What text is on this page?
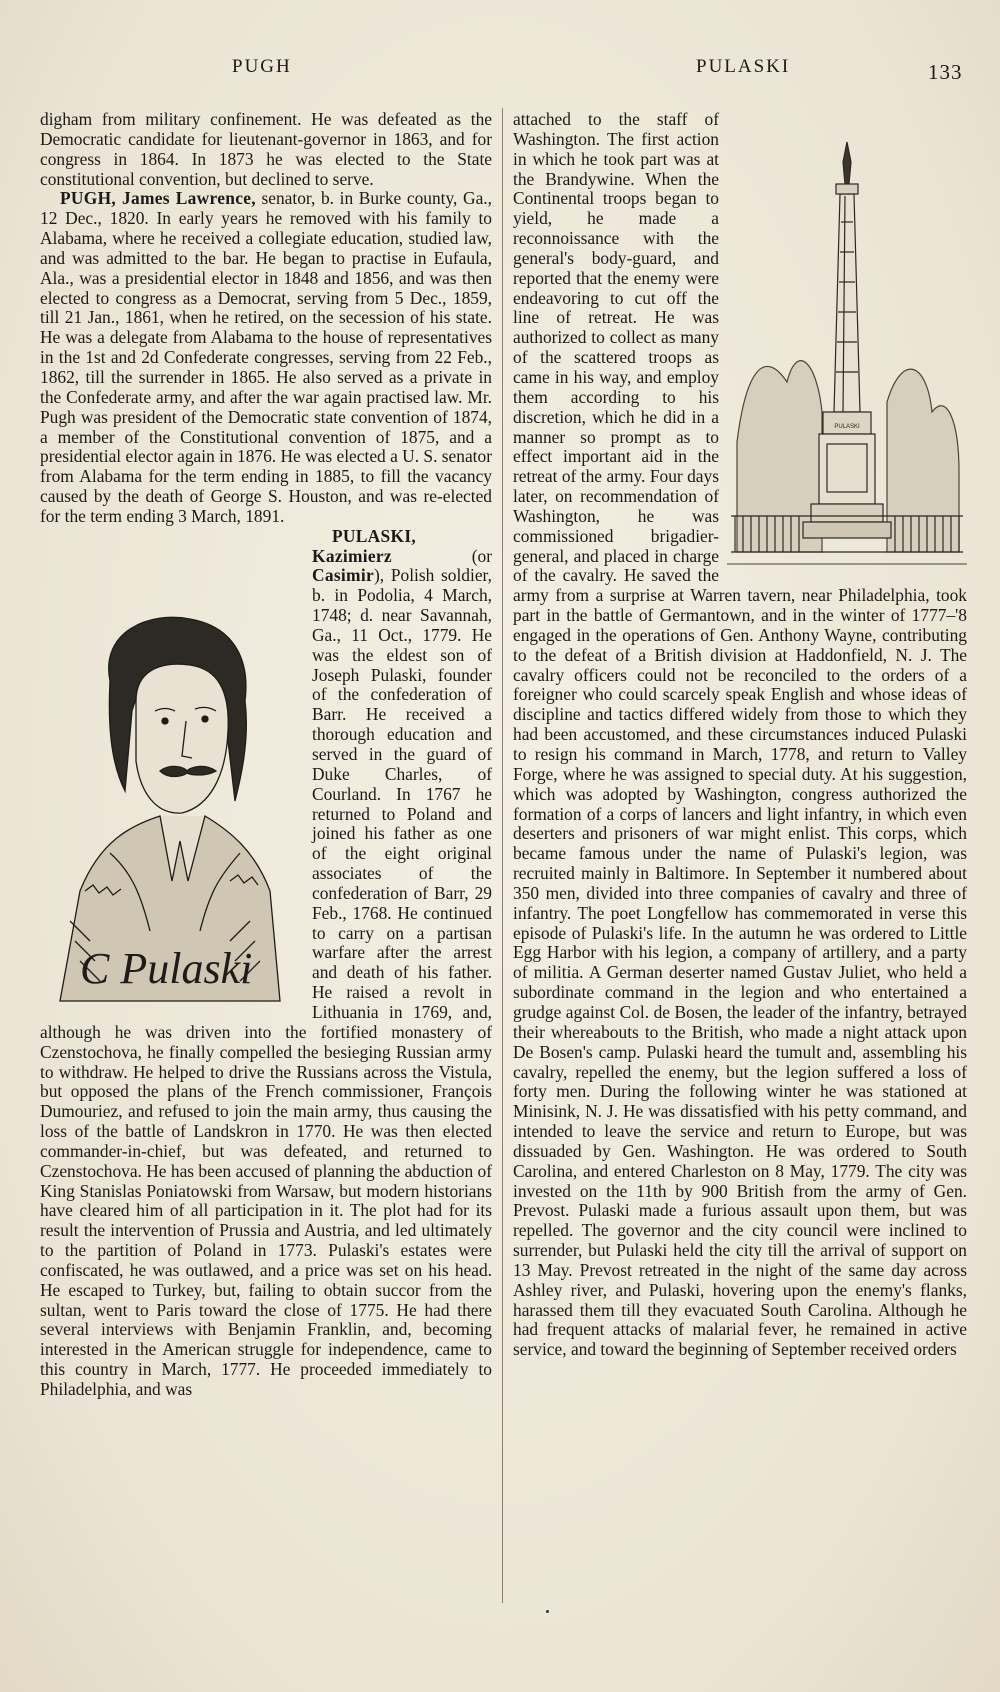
PUGH	PULASKI	133

digham from military confinement. He was defeated as the Democratic candidate for lieutenant-governor in 1863, and for congress in 1864. In 1873 he was elected to the State constitutional convention, but declined to serve.

PUGH, James Lawrence, senator, b. in Burke county, Ga., 12 Dec., 1820. In early years he removed with his family to Alabama, where he received a collegiate education, studied law, and was admitted to the bar. He began to practise in Eufaula, Ala., was a presidential elector in 1848 and 1856, and was then elected to congress as a Democrat, serving from 5 Dec., 1859, till 21 Jan., 1861, when he retired, on the secession of his state. He was a delegate from Alabama to the house of representatives in the 1st and 2d Confederate congresses, serving from 22 Feb., 1862, till the surrender in 1865. He also served as a private in the Confederate army, and after the war again practised law. Mr. Pugh was president of the Democratic state convention of 1874, a member of the Constitutional convention of 1875, and a presidential elector again in 1876. He was elected a U. S. senator from Alabama for the term ending in 1885, to fill the vacancy caused by the death of George S. Houston, and was re-elected for the term ending 3 March, 1891.

PULASKI, Kazimierz (or Casimir), Polish soldier, b. in Podolia, 4 March, 1748; d. near Savannah, Ga., 11 Oct., 1779. He was the eldest son of Joseph Pulaski, founder of the confederation of Barr. He received a thorough education and served in the guard of Duke Charles, of Courland. In 1767 he returned to Poland and joined his father as one of the eight original associates of the confederation of Barr, 29 Feb., 1768. He continued to carry on a partisan warfare after the arrest and death of his father. He raised a revolt in Lithuania in 1769, and, although he was driven into the fortified monastery of Czenstochova, he finally compelled the besieging Russian army to withdraw. He helped to drive the Russians across the Vistula, but opposed the plans of the French commissioner, François Dumouriez, and refused to join the main army, thus causing the loss of the battle of Landskron in 1770. He was then elected commander-in-chief, but was defeated, and returned to Czenstochova. He has been accused of planning the abduction of King Stanislas Poniatowski from Warsaw, but modern historians have cleared him of all participation in it. The plot had for its result the intervention of Prussia and Austria, and led ultimately to the partition of Poland in 1773. Pulaski's estates were confiscated, he was outlawed, and a price was set on his head. He escaped to Turkey, but, failing to obtain succor from the sultan, went to Paris toward the close of 1775. He had there several interviews with Benjamin Franklin, and, becoming interested in the American struggle for independence, came to this country in March, 1777. He proceeded immediately to Philadelphia, and was

PULASKI

attached to the staff of Washington. The first action in which he took part was at the Brandywine. When the Continental troops began to yield, he made a reconnoissance with the general's body-guard, and reported that the enemy were endeavoring to cut off the line of retreat. He was authorized to collect as many of the scattered troops as came in his way, and employ them according to his discretion, which he did in a manner so prompt as to effect important aid in the retreat of the army. Four days later, on recommendation of Washington, he was commissioned brigadier-general, and placed in charge of the cavalry. He saved the army from a surprise at Warren tavern, near Philadelphia, took part in the battle of Germantown, and in the winter of 1777–'8 engaged in the operations of Gen. Anthony Wayne, contributing to the defeat of a British division at Haddonfield, N. J. The cavalry officers could not be reconciled to the orders of a foreigner who could scarcely speak English and whose ideas of discipline and tactics differed widely from those to which they had been accustomed, and these circumstances induced Pulaski to resign his command in March, 1778, and return to Valley Forge, where he was assigned to special duty. At his suggestion, which was adopted by Washington, congress authorized the formation of a corps of lancers and light infantry, in which even deserters and prisoners of war might enlist. This corps, which became famous under the name of Pulaski's legion, was recruited mainly in Baltimore. In September it numbered about 350 men, divided into three companies of cavalry and three of infantry. The poet Longfellow has commemorated in verse this episode of Pulaski's life. In the autumn he was ordered to Little Egg Harbor with his legion, a company of artillery, and a party of militia. A German deserter named Gustav Juliet, who held a subordinate command in the legion and who entertained a grudge against Col. de Bosen, the leader of the infantry, betrayed their whereabouts to the British, who made a night attack upon De Bosen's camp. Pulaski heard the tumult and, assembling his cavalry, repelled the enemy, but the legion suffered a loss of forty men. During the following winter he was stationed at Minisink, N. J. He was dissatisfied with his petty command, and intended to leave the service and return to Europe, but was dissuaded by Gen. Washington. He was ordered to South Carolina, and entered Charleston on 8 May, 1779. The city was invested on the 11th by 900 British from the army of Gen. Prevost. Pulaski made a furious assault upon them, but was repelled. The governor and the city council were inclined to surrender, but Pulaski held the city till the arrival of support on 13 May. Prevost retreated in the night of the same day across Ashley river, and Pulaski, hovering upon the enemy's flanks, harassed them till they evacuated South Carolina. Although he had frequent attacks of malarial fever, he remained in active service, and toward the beginning of September received orders

C Pulaski
